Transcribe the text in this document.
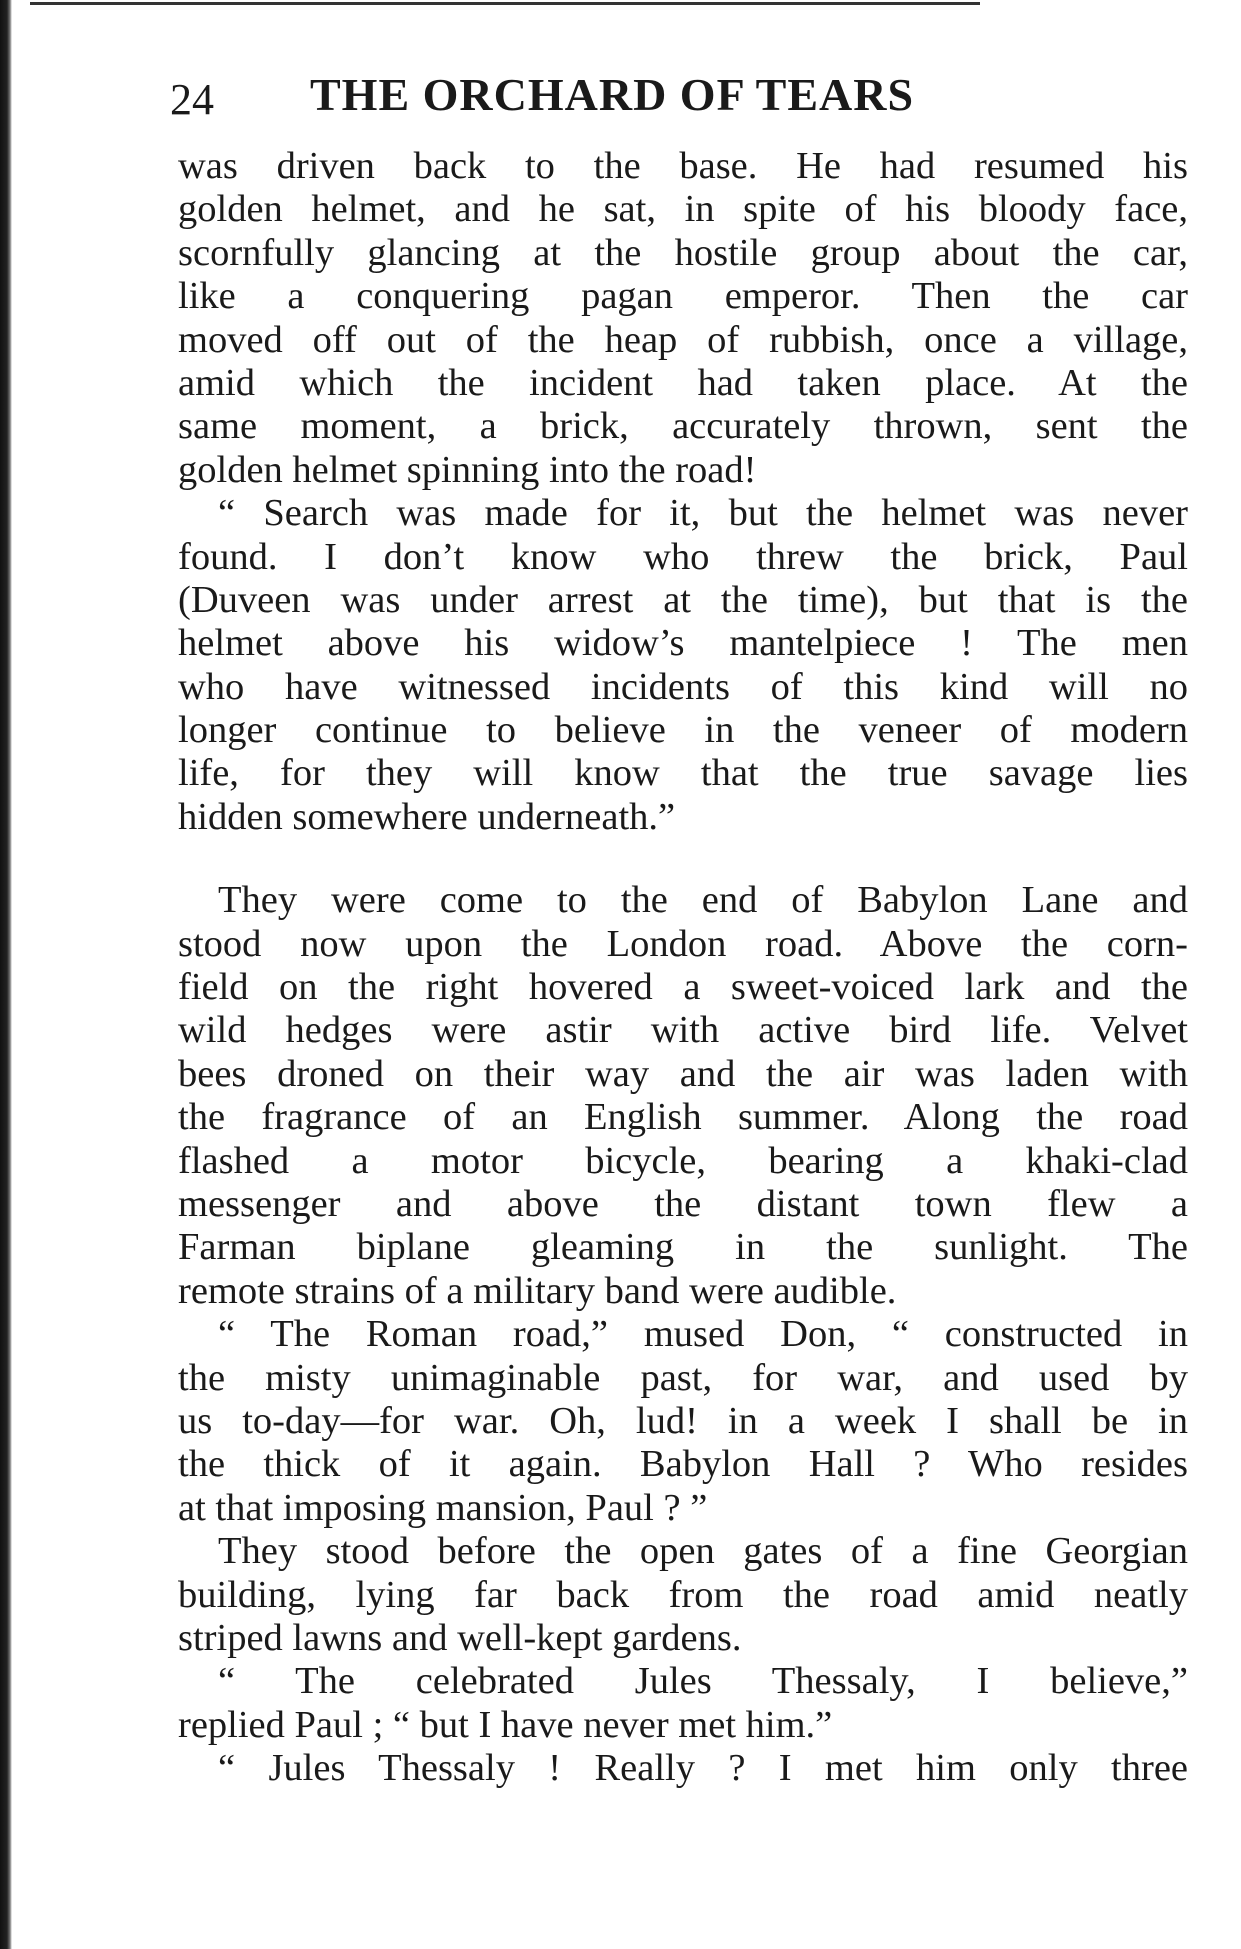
24 THE ORCHARD OF TEARS
was driven back to the base. He had resumed his
golden helmet, and he sat, in spite of his bloody face,
scornfully glancing at the hostile group about the car,
like a conquering pagan emperor. Then the car
moved off out of the heap of rubbish, once a village,
amid which the incident had taken place. At the
same moment, a brick, accurately thrown, sent the
golden helmet spinning into the road!
“ Search was made for it, but the helmet was never
found. I don’t know who threw the brick, Paul
(Duveen was under arrest at the time), but that is the
helmet above his widow’s mantelpiece ! The men
who have witnessed incidents of this kind will no
longer continue to believe in the veneer of modern
life, for they will know that the true savage lies
hidden somewhere underneath.”
They were come to the end of Babylon Lane and
stood now upon the London road. Above the corn-
field on the right hovered a sweet-voiced lark and the
wild hedges were astir with active bird life. Velvet
bees droned on their way and the air was laden with
the fragrance of an English summer. Along the road
flashed a motor bicycle, bearing a khaki-clad
messenger and above the distant town flew a
Farman biplane gleaming in the sunlight. The
remote strains of a military band were audible.
“ The Roman road,” mused Don, “ constructed in
the misty unimaginable past, for war, and used by
us to-day—for war. Oh, lud! in a week I shall be in
the thick of it again. Babylon Hall ? Who resides
at that imposing mansion, Paul ? ”
They stood before the open gates of a fine Georgian
building, lying far back from the road amid neatly
striped lawns and well-kept gardens.
“ The celebrated Jules Thessaly, I believe,”
replied Paul ; “ but I have never met him.”
“ Jules Thessaly ! Really ? I met him only three
